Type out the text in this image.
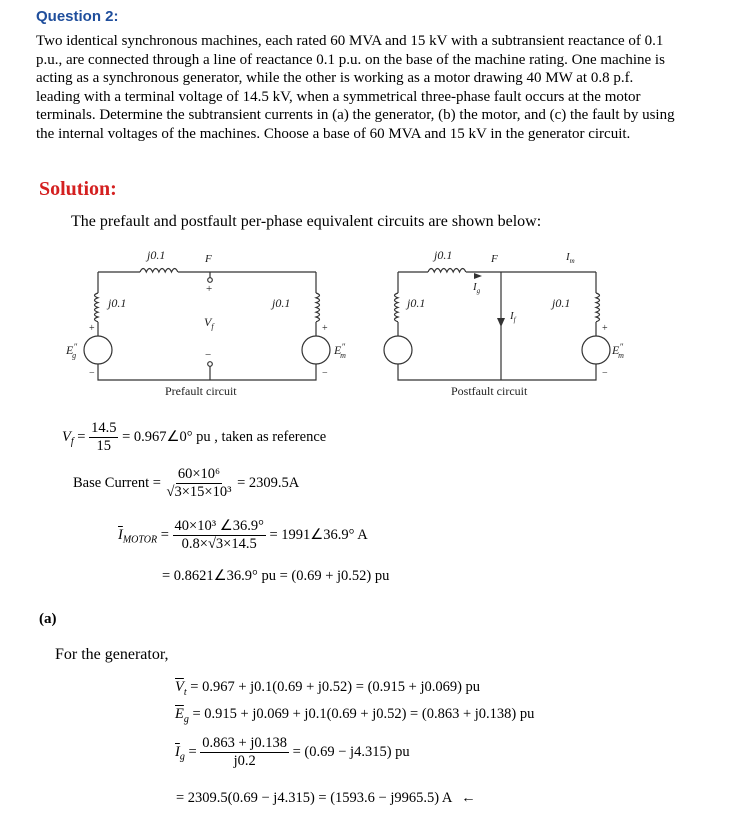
Question 2:
Two identical synchronous machines, each rated 60 MVA and 15 kV with a subtransient reactance of 0.1 p.u., are connected through a line of reactance 0.1 p.u. on the base of the machine rating. One machine is acting as a synchronous generator, while the other is working as a motor drawing 40 MW at 0.8 p.f. leading with a terminal voltage of 14.5 kV, when a symmetrical three-phase fault occurs at the motor terminals. Determine the subtransient currents in (a) the generator, (b) the motor, and (c) the fault by using the internal voltages of the machines. Choose a base of 60 MVA and 15 kV in the generator circuit.
Solution:
The prefault and postfault per-phase equivalent circuits are shown below:
j0.1
j0.1	j0.1
F
+
−
$V_f$
+
−
E″ g
+
−
E″ m
Prefault circuit
j0.1
j0.1	j0.1
F
$I_g$
$I_f$
$I_m$
+
−
E″ m
Postfault circuit
$V_f = \frac{14.5}{15}$ = 0.967∠0° pu , taken as reference
Base Current = $\frac{\text{60×10⁶}}{\text{√3×15×10³}} = 2309.5A$
$\overline{I}_{MOTOR} = \frac{\text{40×10³ ∠36.9°}}{0.8\times√3\times 14.5}$ = 1991∠36.9° A
= 0.8621∠36.9° pu = (0.69 + j0.52) pu
(a)
For the generator,
$\overline{V}_t = 0.967 + j0.1(0.69 + j0.52) = (0.915 + j0.069)$ pu
$\overline{E}_g = 0.915 + j0.069 + j0.1(0.69 + j0.52) = (0.863 + j0.138)$ pu
$\overline{I}_g = \frac{0.863 + j0.138}{j0.2} = (0.69 - j4.315)$ pu
= 2309.5(0.69 − j4.315) = (1593.6 − j9965.5) A ←
